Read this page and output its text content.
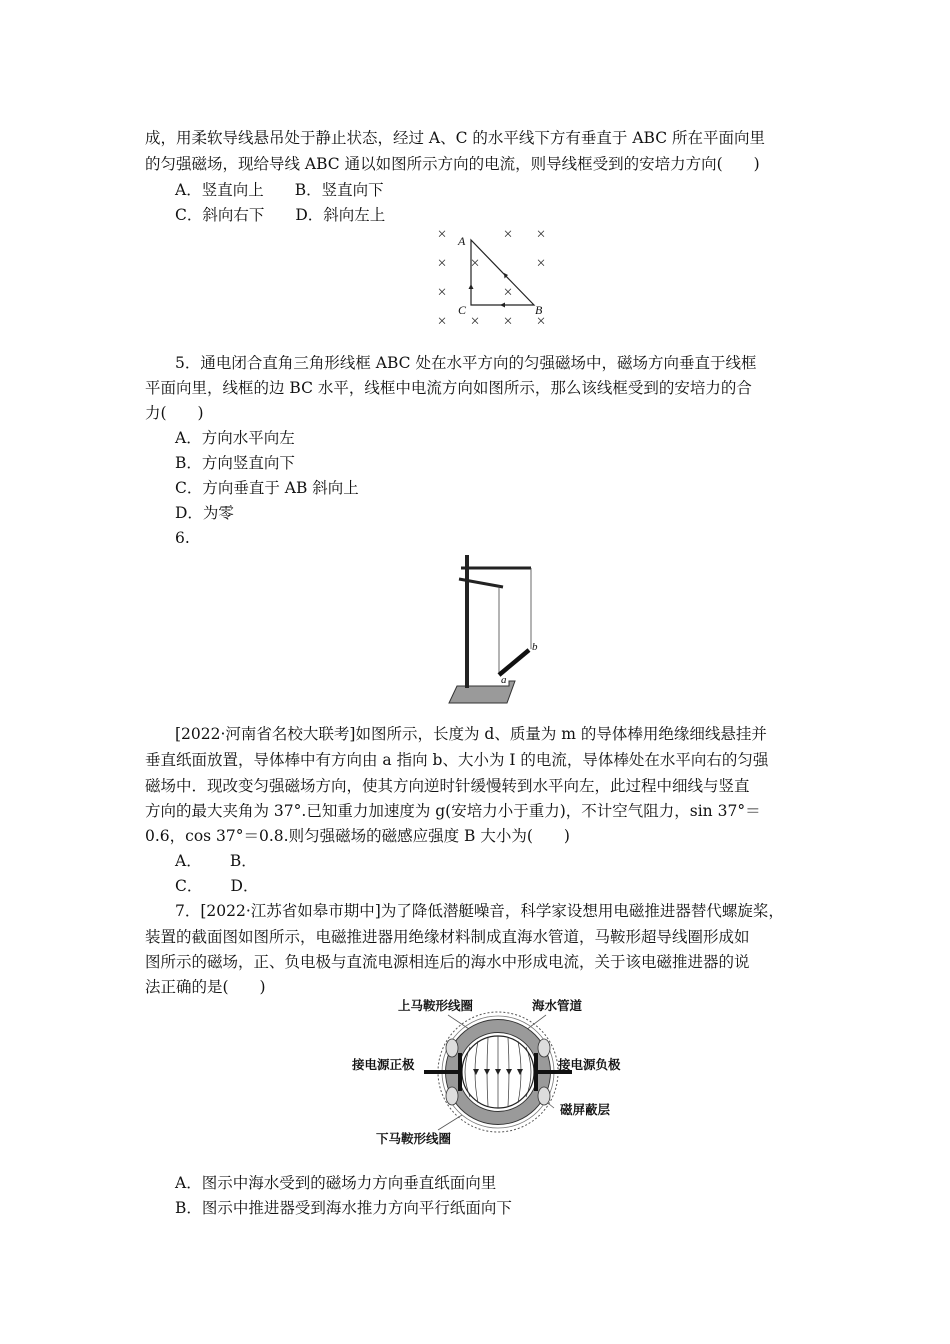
成，用柔软导线悬吊处于静止状态，经过 A、C 的水平线下方有垂直于 ABC 所在平面向里
的匀强磁场，现给导线 ABC 通以如图所示方向的电流，则导线框受到的安培力方向(　　)
A．竖直向上　　B．竖直向下
C．斜向右下　　D．斜向左上
×	× ×
× ×	×
×	×
× × × ×
A
C	B
5．通电闭合直角三角形线框 ABC 处在水平方向的匀强磁场中，磁场方向垂直于线框
平面向里，线框的边 BC 水平，线框中电流方向如图所示，那么该线框受到的安培力的合
力(　　)
A．方向水平向左
B．方向竖直向下
C．方向垂直于 AB 斜向上
D．为零
6.
a
b
[2022·河南省名校大联考]如图所示，长度为 d、质量为 m 的导体棒用绝缘细线悬挂并
垂直纸面放置，导体棒中有方向由 a 指向 b、大小为 I 的电流，导体棒处在水平向右的匀强
磁场中．现改变匀强磁场方向，使其方向逆时针缓慢转到水平向左，此过程中细线与竖直
方向的最大夹角为 37°.已知重力加速度为 g(安培力小于重力)，不计空气阻力，sin 37°＝
0.6，cos 37°＝0.8.则匀强磁场的磁感应强度 B 大小为(　　)
A．　　 B．
C．　　 D．
7．[2022·江苏省如皋市期中]为了降低潜艇噪音，科学家设想用电磁推进器替代螺旋桨，
装置的截面图如图所示，电磁推进器用绝缘材料制成直海水管道，马鞍形超导线圈形成如
图所示的磁场，正、负电极与直流电源相连后的海水中形成电流，关于该电磁推进器的说
法正确的是(　　)
上马鞍形线圈	海水管道
接电源正极	接电源负极
磁屏蔽层
下马鞍形线圈
A．图示中海水受到的磁场力方向垂直纸面向里
B．图示中推进器受到海水推力方向平行纸面向下
